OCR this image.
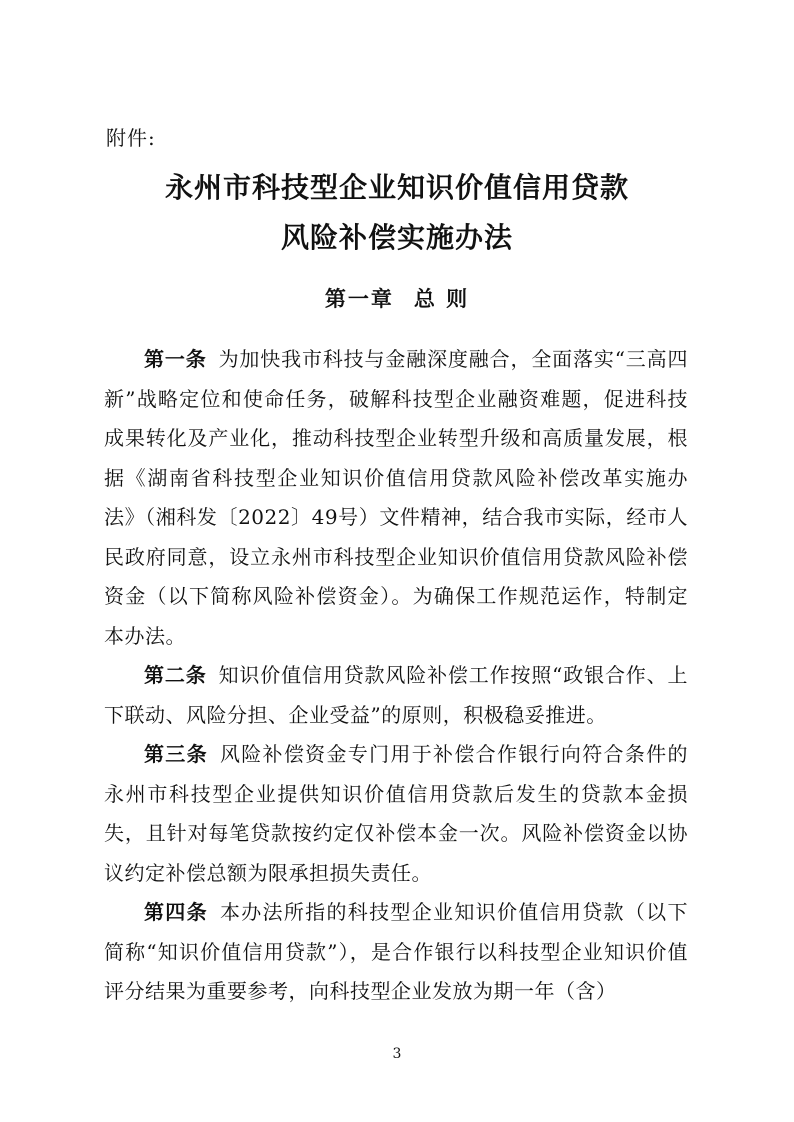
附件:
永州市科技型企业知识价值信用贷款
风险补偿实施办法
第一章 总 则

第一条 为加快我市科技与金融深度融合，全面落实“三高四新”战略定位和使命任务，破解科技型企业融资难题，促进科技成果转化及产业化，推动科技型企业转型升级和高质量发展，根据《湖南省科技型企业知识价值信用贷款风险补偿改革实施办法》（湘科发〔2022〕49号）文件精神，结合我市实际，经市人民政府同意，设立永州市科技型企业知识价值信用贷款风险补偿资金（以下简称风险补偿资金）。为确保工作规范运作，特制定本办法。

第二条 知识价值信用贷款风险补偿工作按照“政银合作、上下联动、风险分担、企业受益”的原则，积极稳妥推进。

第三条 风险补偿资金专门用于补偿合作银行向符合条件的永州市科技型企业提供知识价值信用贷款后发生的贷款本金损失，且针对每笔贷款按约定仅补偿本金一次。风险补偿资金以协议约定补偿总额为限承担损失责任。

第四条 本办法所指的科技型企业知识价值信用贷款（以下简称“知识价值信用贷款”），是合作银行以科技型企业知识价值评分结果为重要参考，向科技型企业发放为期一年（含）

3
